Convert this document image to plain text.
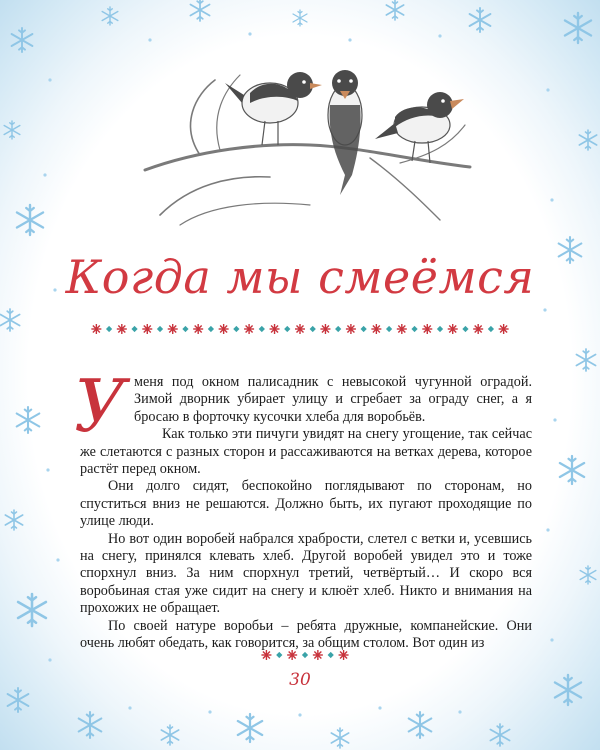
Когда мы смеёмся

Уменя под окном палисадник с невысокой чугунной оградой. Зимой дворник убирает улицу и сгребает за ограду снег, а я бросаю в форточку кусочки хлеба для воробьёв.

Как только эти пичуги увидят на снегу угощение, так сейчас же слетаются с разных сторон и рассаживаются на ветках дерева, которое растёт перед окном.

Они долго сидят, беспокойно поглядывают по сторонам, но спуститься вниз не решаются. Должно быть, их пугают проходящие по улице люди.

Но вот один воробей набрался храбрости, слетел с ветки и, усевшись на снегу, принялся клевать хлеб. Другой воробей увидел это и тоже спорхнул вниз. За ним спорхнул третий, четвёртый… И скоро вся воробьиная стая уже сидит на снегу и клюёт хлеб. Никто и внимания на прохожих не обращает.

По своей натуре воробьи – ребята дружные, компанейские. Они очень любят обедать, как говорится, за общим столом. Вот один из

30
